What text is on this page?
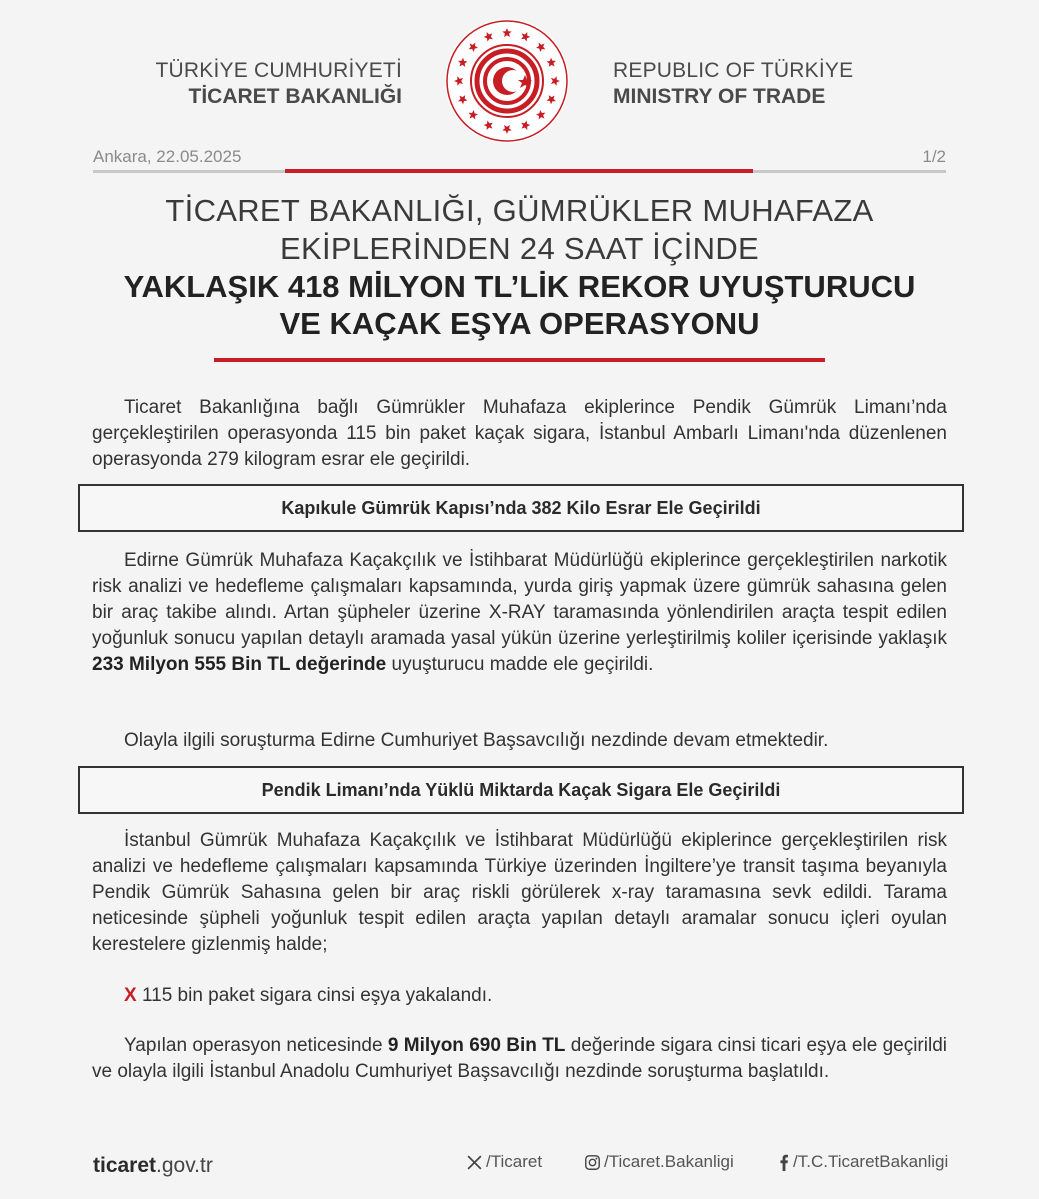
TÜRKİYE CUMHURİYETİ
TİCARET BAKANLIĞI
REPUBLIC OF TÜRKİYE
MINISTRY OF TRADE
Ankara, 22.05.2025	1/2
TİCARET BAKANLIĞI, GÜMRÜKLER MUHAFAZA
EKİPLERİNDEN 24 SAAT İÇİNDE
YAKLAŞIK 418 MİLYON TL’LİK REKOR UYUŞTURUCU
VE KAÇAK EŞYA OPERASYONU
Ticaret Bakanlığına bağlı Gümrükler Muhafaza ekiplerince Pendik Gümrük Limanı’nda gerçekleştirilen operasyonda 115 bin paket kaçak sigara, İstanbul Ambarlı Limanı'nda düzenlenen operasyonda 279 kilogram esrar ele geçirildi.
Kapıkule Gümrük Kapısı’nda 382 Kilo Esrar Ele Geçirildi
Edirne Gümrük Muhafaza Kaçakçılık ve İstihbarat Müdürlüğü ekiplerince gerçekleştirilen narkotik risk analizi ve hedefleme çalışmaları kapsamında, yurda giriş yapmak üzere gümrük sahasına gelen bir araç takibe alındı. Artan şüpheler üzerine X-RAY taramasında yönlendirilen araçta tespit edilen yoğunluk sonucu yapılan detaylı aramada yasal yükün üzerine yerleştirilmiş koliler içerisinde yaklaşık 233 Milyon 555 Bin TL değerinde uyuşturucu madde ele geçirildi.
Olayla ilgili soruşturma Edirne Cumhuriyet Başsavcılığı nezdinde devam etmektedir.
Pendik Limanı’nda Yüklü Miktarda Kaçak Sigara Ele Geçirildi
İstanbul Gümrük Muhafaza Kaçakçılık ve İstihbarat Müdürlüğü ekiplerince gerçekleştirilen risk analizi ve hedefleme çalışmaları kapsamında Türkiye üzerinden İngiltere’ye transit taşıma beyanıyla Pendik Gümrük Sahasına gelen bir araç riskli görülerek x-ray taramasına sevk edildi. Tarama neticesinde şüpheli yoğunluk tespit edilen araçta yapılan detaylı aramalar sonucu içleri oyulan kerestelere gizlenmiş halde;
X 115 bin paket sigara cinsi eşya yakalandı.
Yapılan operasyon neticesinde 9 Milyon 690 Bin TL değerinde sigara cinsi ticari eşya ele geçirildi ve olayla ilgili İstanbul Anadolu Cumhuriyet Başsavcılığı nezdinde soruşturma başlatıldı.
ticaret.gov.tr	/Ticaret	/Ticaret.Bakanligi	/T.C.TicaretBakanligi
